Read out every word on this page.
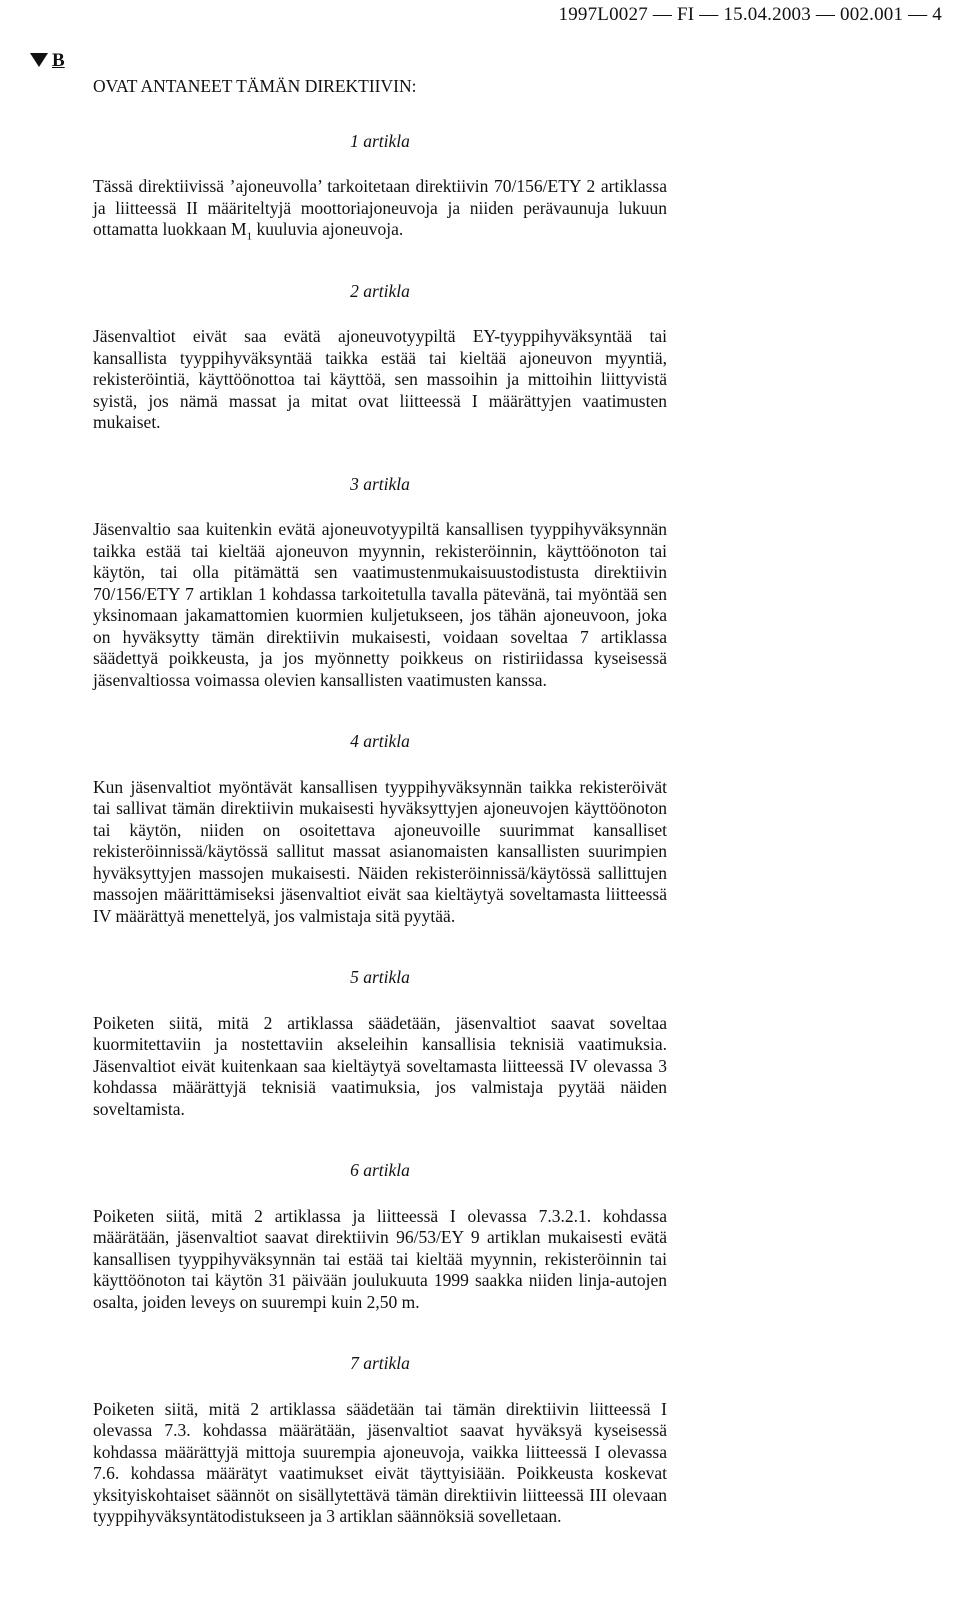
1997L0027 — FI — 15.04.2003 — 002.001 — 4
B

OVAT ANTANEET TÄMÄN DIREKTIIVIN:

1 artikla

Tässä direktiivissä ’ajoneuvolla’ tarkoitetaan direktiivin 70/156/ETY 2 artiklassa ja liitteessä II määriteltyjä moottoriajoneuvoja ja niiden perävaunuja lukuun ottamatta luokkaan $M_1$ kuuluvia ajoneuvoja.

2 artikla

Jäsenvaltiot eivät saa evätä ajoneuvotyypiltä EY-tyyppihyväksyntää tai kansallista tyyppihyväksyntää taikka estää tai kieltää ajoneuvon myyntiä, rekisteröintiä, käyttöönottoa tai käyttöä, sen massoihin ja mittoihin liittyvistä syistä, jos nämä massat ja mitat ovat liitteessä I määrättyjen vaatimusten mukaiset.

3 artikla

Jäsenvaltio saa kuitenkin evätä ajoneuvotyypiltä kansallisen tyyppihyväksynnän taikka estää tai kieltää ajoneuvon myynnin, rekisteröinnin, käyttöönoton tai käytön, tai olla pitämättä sen vaatimustenmukaisuustodistusta direktiivin 70/156/ETY 7 artiklan 1 kohdassa tarkoitetulla tavalla pätevänä, tai myöntää sen yksinomaan jakamattomien kuormien kuljetukseen, jos tähän ajoneuvoon, joka on hyväksytty tämän direktiivin mukaisesti, voidaan soveltaa 7 artiklassa säädettyä poikkeusta, ja jos myönnetty poikkeus on ristiriidassa kyseisessä jäsenvaltiossa voimassa olevien kansallisten vaatimusten kanssa.

4 artikla

Kun jäsenvaltiot myöntävät kansallisen tyyppihyväksynnän taikka rekisteröivät tai sallivat tämän direktiivin mukaisesti hyväksyttyjen ajoneuvojen käyttöönoton tai käytön, niiden on osoitettava ajoneuvoille suurimmat kansalliset rekisteröinnissä/käytössä sallitut massat asianomaisten kansallisten suurimpien hyväksyttyjen massojen mukaisesti. Näiden rekisteröinnissä/käytössä sallittujen massojen määrittämiseksi jäsenvaltiot eivät saa kieltäytyä soveltamasta liitteessä IV määrättyä menettelyä, jos valmistaja sitä pyytää.

5 artikla

Poiketen siitä, mitä 2 artiklassa säädetään, jäsenvaltiot saavat soveltaa kuormitettaviin ja nostettaviin akseleihin kansallisia teknisiä vaatimuksia. Jäsenvaltiot eivät kuitenkaan saa kieltäytyä soveltamasta liitteessä IV olevassa 3 kohdassa määrättyjä teknisiä vaatimuksia, jos valmistaja pyytää näiden soveltamista.

6 artikla

Poiketen siitä, mitä 2 artiklassa ja liitteessä I olevassa 7.3.2.1. kohdassa määrätään, jäsenvaltiot saavat direktiivin 96/53/EY 9 artiklan mukaisesti evätä kansallisen tyyppihyväksynnän tai estää tai kieltää myynnin, rekisteröinnin tai käyttöönoton tai käytön 31 päivään joulukuuta 1999 saakka niiden linja-autojen osalta, joiden leveys on suurempi kuin 2,50 m.

7 artikla

Poiketen siitä, mitä 2 artiklassa säädetään tai tämän direktiivin liitteessä I olevassa 7.3. kohdassa määrätään, jäsenvaltiot saavat hyväksyä kyseisessä kohdassa määrättyjä mittoja suurempia ajoneuvoja, vaikka liitteessä I olevassa 7.6. kohdassa määrätyt vaatimukset eivät täyttyisiään. Poikkeusta koskevat yksityiskohtaiset säännöt on sisällytettävä tämän direktiivin liitteessä III olevaan tyyppihyväksyntätodistukseen ja 3 artiklan säännöksiä sovelletaan.
